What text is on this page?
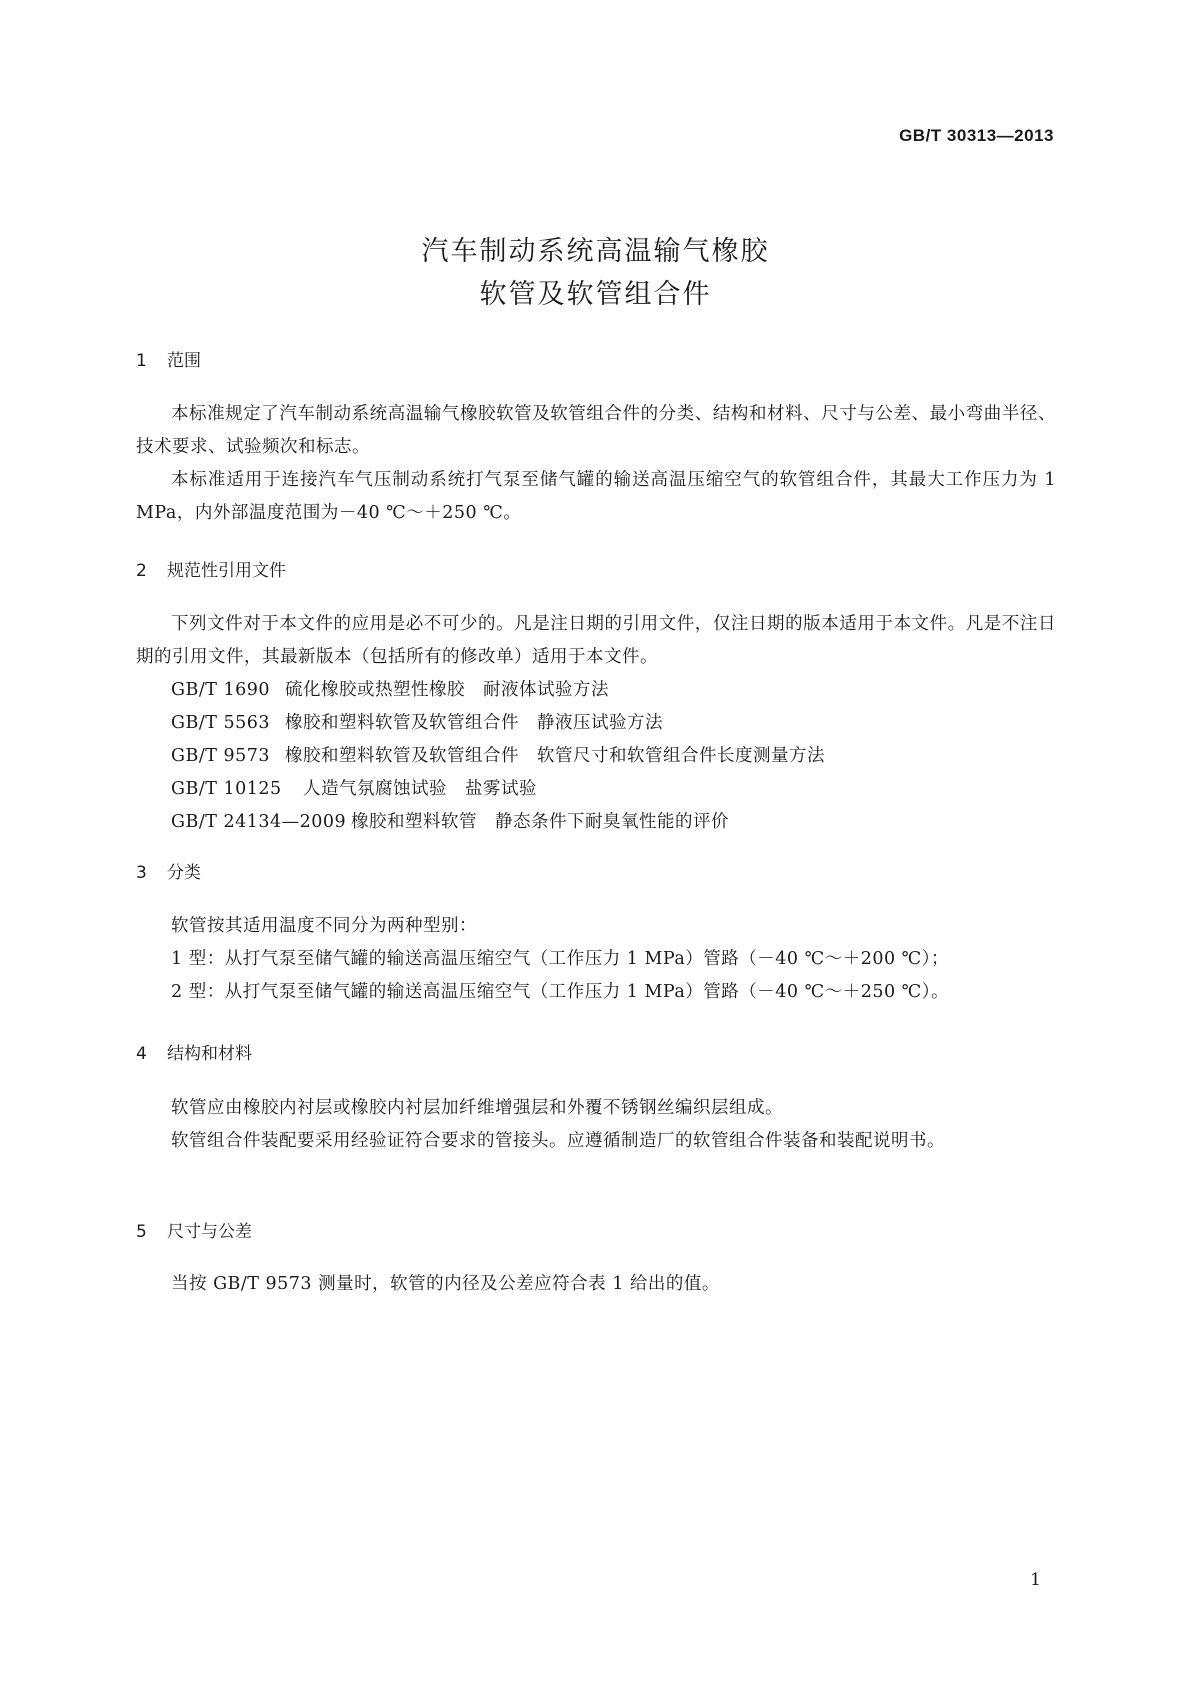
GB/T 30313—2013
汽车制动系统高温输气橡胶
软管及软管组合件
1 范围
本标准规定了汽车制动系统高温输气橡胶软管及软管组合件的分类、结构和材料、尺寸与公差、最小弯曲半径、技术要求、试验频次和标志。
本标准适用于连接汽车气压制动系统打气泵至储气罐的输送高温压缩空气的软管组合件，其最大工作压力为 1 MPa，内外部温度范围为－40 ℃～＋250 ℃。
2 规范性引用文件
下列文件对于本文件的应用是必不可少的。凡是注日期的引用文件，仅注日期的版本适用于本文件。凡是不注日期的引用文件，其最新版本（包括所有的修改单）适用于本文件。
GB/T 1690 硫化橡胶或热塑性橡胶 耐液体试验方法
GB/T 5563 橡胶和塑料软管及软管组合件 静液压试验方法
GB/T 9573 橡胶和塑料软管及软管组合件 软管尺寸和软管组合件长度测量方法
GB/T 10125 人造气氛腐蚀试验 盐雾试验
GB/T 24134—2009 橡胶和塑料软管 静态条件下耐臭氧性能的评价
3 分类
软管按其适用温度不同分为两种型别：
1 型：从打气泵至储气罐的输送高温压缩空气（工作压力 1 MPa）管路（－40 ℃～＋200 ℃）；
2 型：从打气泵至储气罐的输送高温压缩空气（工作压力 1 MPa）管路（－40 ℃～＋250 ℃）。
4 结构和材料
软管应由橡胶内衬层或橡胶内衬层加纤维增强层和外覆不锈钢丝编织层组成。
软管组合件装配要采用经验证符合要求的管接头。应遵循制造厂的软管组合件装备和装配说明书。
5 尺寸与公差
当按 GB/T 9573 测量时，软管的内径及公差应符合表 1 给出的值。
1
